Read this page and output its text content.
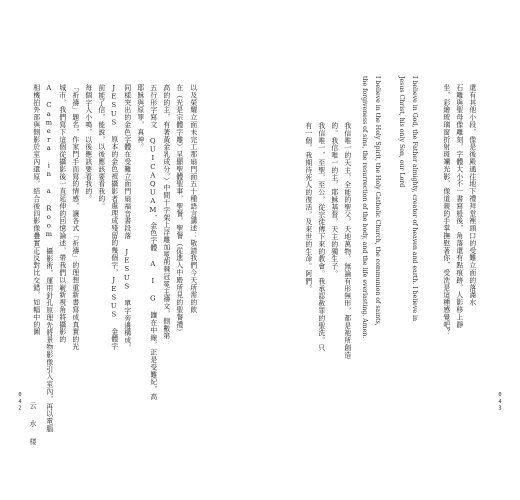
相機拍外部與側影於室內還原，結合後四影像疊實正反對比交錯，如幅中的圖 A Camera in a Room 攝影術，運用針孔原理先將景物影像引入室內，再以電腦 城市，我們寫下這個從攝影後一直延伸的回憶論述，帶我們以嶄新視角將攝影的 「祈禱」題名，作家鬥手而寫的情感，讓各式「祈禱」的理想重新書寫成真實的光 每個字人小鳴，以後應該要看我的。 前能了信，能說，以後應該要看我的。 JESUS 原本的金色被攝影者處理成殘留的幾個字，JESUS 金體字 同樣突出的金色字體在受難立面門扇福音書段落 JESUS 單字旁邊構成， 耶穌與原罪，真神。 五行形字寫文 QUICAQUAM，金色字體 A I G 鑲在中線，正是受難紀，高 高的的主，有著黃金乳成分，）中間十字架上浮雕加冕荊棘冠冕主禱文，側數第 在（光是宗體字雕）呈顯聖體聖事，聖餐，聖餐（從進入中殿所見的聖餐禮） 以及榮耀立面未完工那扇門面五十種語言講述：敬請我們今天所需的飲
042 云 水 楼
有一個，我期待死人的復活，及來世的生命。阿們。 我信唯一，至聖，至公，從宗徒傳下來的教會。我承認赦罪的聖洗。只 的。我信唯一的主，耶穌基督，天主的獨生子。 我信唯一的天主，全能的聖父，天地萬物，無論有形無形，都是祂所創造 the forgiveness of sins, the resurrection of the body, and the life everlasting. Amen. I believe in the Holy Spirit, the Holy Catholic Church, the communion of saints,	Jesus Christ, his only Son, our Lord I believe in God, the Father almighty, creator of heaven and earth. I believe in	坐，彩繪玻璃窗折射斑斕光影，像道親的手掌撫慰著你，受洗是這種感覺吧？ 石雕與聖母像雕刻，字體大小不一書寫般後，角落還有點痕跡，人影移上靜 還有其他小段，像是後殿通往地下禮拜堂裡頭口的受難立面的落滿水
043
